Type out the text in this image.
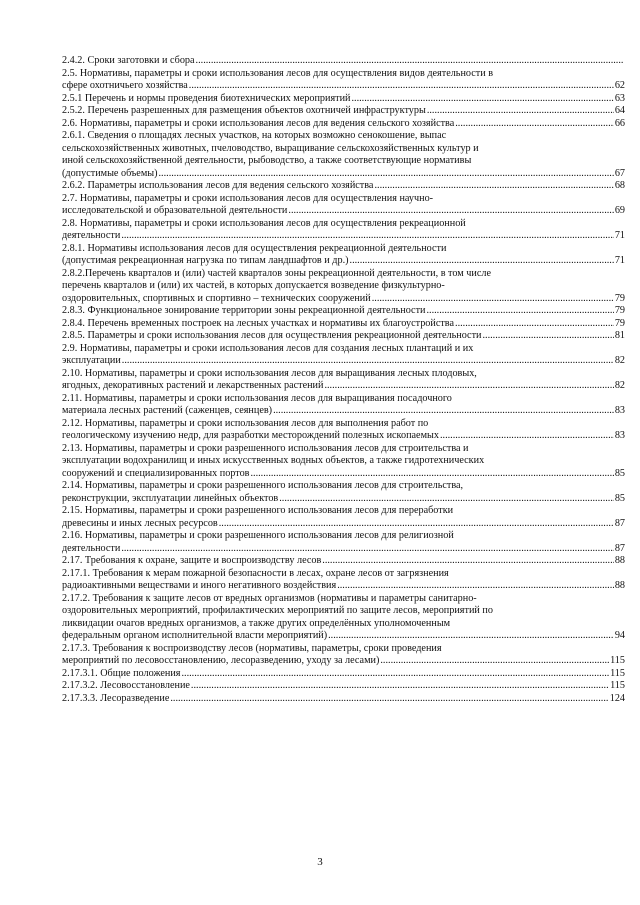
2.4.2. Сроки заготовки и сбора
.....
2.5. Нормативы, параметры и сроки использования лесов для осуществления видов деятельности в
сфере охотничьего хозяйства .....	62
2.5.1 Перечень и нормы проведения биотехнических мероприятий .....	63
2.5.2. Перечень разрешенных для размещения объектов охотничей инфраструктуры .....	64
2.6. Нормативы, параметры и сроки использования лесов для ведения сельского хозяйства .....	66
2.6.1. Сведения о площадях лесных участков, на которых возможно сенокошение, выпас
сельскохозяйственных животных, пчеловодство, выращивание сельскохозяйственных культур и
иной сельскохозяйственной деятельности, рыбоводство, а также соответствующие нормативы
(допустимые объемы) .....	67
2.6.2. Параметры использования лесов для ведения сельского хозяйства .....	68
2.7. Нормативы, параметры и сроки использования лесов для осуществления научно-
исследовательской и образовательной деятельности .....	69
2.8. Нормативы, параметры и сроки использования лесов для осуществления рекреационной
деятельности .....	71
2.8.1. Нормативы использования лесов для осуществления рекреационной деятельности
(допустимая рекреационная нагрузка по типам ландшафтов и др.) .....	71
2.8.2.Перечень кварталов и (или) частей кварталов зоны рекреационной деятельности, в том числе
перечень кварталов и (или) их частей, в которых допускается возведение физкультурно-
оздоровительных, спортивных и спортивно – технических сооружений .....	79
2.8.3. Функциональное зонирование территории зоны рекреационной деятельности .....	79
2.8.4. Перечень временных построек на лесных участках и нормативы их благоустройства .....	79
2.8.5. Параметры и сроки использования лесов для осуществления рекреационной деятельности .....	81
2.9. Нормативы, параметры и сроки использования лесов для создания лесных плантаций и их
эксплуатации .....	82
2.10. Нормативы, параметры и сроки использования лесов для выращивания лесных плодовых,
ягодных, декоративных растений и лекарственных растений .....	82
2.11. Нормативы, параметры и сроки использования лесов для выращивания посадочного
материала лесных растений (саженцев, сеянцев) .....	83
2.12. Нормативы, параметры и сроки использования лесов для выполнения работ по
геологическому изучению недр, для разработки месторождений полезных ископаемых .....	83
2.13. Нормативы, параметры и сроки разрешенного использования лесов для строительства и
эксплуатации водохранилищ и иных искусственных водных объектов, а также гидротехнических
сооружений и специализированных портов .....	85
2.14. Нормативы, параметры и сроки разрешенного использования лесов для строительства,
реконструкции, эксплуатации линейных объектов .....	85
2.15. Нормативы, параметры и сроки разрешенного использования лесов для переработки
древесины и иных лесных ресурсов .....	87
2.16. Нормативы, параметры и сроки разрешенного использования лесов для религиозной
деятельности .....	87
2.17. Требования к охране, защите и воспроизводству лесов .....	88
2.17.1. Требования к мерам пожарной безопасности в лесах, охране лесов от загрязнения
радиоактивными веществами и иного негативного воздействия .....	88
2.17.2. Требования к защите лесов от вредных организмов (нормативы и параметры санитарно-
оздоровительных мероприятий, профилактических мероприятий по защите лесов, мероприятий по
ликвидации очагов вредных организмов, а также других определённых уполномоченным
федеральным органом исполнительной власти мероприятий) .....	94
2.17.3. Требования к воспроизводству лесов (нормативы, параметры, сроки проведения
мероприятий по лесовосстановлению, лесоразведению, уходу за лесами) .....	115
2.17.3.1. Общие положения .....	115
2.17.3.2. Лесовосстановление .....	115
2.17.3.3. Лесоразведение .....	124
3
